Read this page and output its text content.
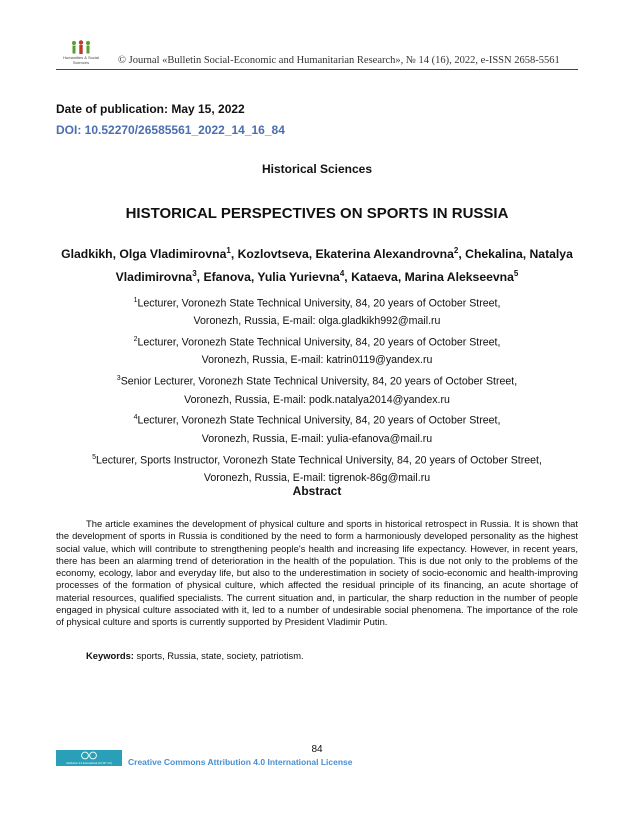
Humanities & Social
Sciences	© Journal «Bulletin Social-Economic and Humanitarian Research», № 14 (16), 2022, e-ISSN 2658-5561
Date of publication: May 15, 2022
DOI: 10.52270/26585561_2022_14_16_84
Historical Sciences
HISTORICAL PERSPECTIVES ON SPORTS IN RUSSIA
Gladkikh, Olga Vladimirovna$^1$, Kozlovtseva, Ekaterina Alexandrovna$^2$, Chekalina, Natalya Vladimirovna$^3$, Efanova, Yulia Yurievna$^4$, Kataeva, Marina Alekseevna$^5$
$^1$Lecturer, Voronezh State Technical University, 84, 20 years of October Street,
Voronezh, Russia, E-mail: olga.gladkikh992@mail.ru
$^2$Lecturer, Voronezh State Technical University, 84, 20 years of October Street,
Voronezh, Russia, E-mail: katrin0119@yandex.ru
$^3$Senior Lecturer, Voronezh State Technical University, 84, 20 years of October Street,
Voronezh, Russia, E-mail: podk.natalya2014@yandex.ru
$^4$Lecturer, Voronezh State Technical University, 84, 20 years of October Street,
Voronezh, Russia, E-mail: yulia-efanova@mail.ru
$^5$Lecturer, Sports Instructor, Voronezh State Technical University, 84, 20 years of October Street,
Voronezh, Russia, E-mail: tigrenok-86g@mail.ru
Abstract
The article examines the development of physical culture and sports in historical retrospect in Russia. It is shown that the development of sports in Russia is conditioned by the need to form a harmoniously developed personality as the highest social value, which will contribute to strengthening people's health and increasing life expectancy. However, in recent years, there has been an alarming trend of deterioration in the health of the population. This is due not only to the problems of the economy, ecology, labor and everyday life, but also to the underestimation in society of socio-economic and health-improving processes of the formation of physical culture, which affected the residual principle of its financing, an acute shortage of material resources, qualified specialists. The current situation and, in particular, the sharp reduction in the number of people engaged in physical culture associated with it, led to a number of undesirable social phenomena. The importance of the role of physical culture and sports is currently supported by President Vladimir Putin.
Keywords: sports, Russia, state, society, patriotism.
84
Attribution 4.0 International (CC BY 4.0) Creative Commons Attribution 4.0 International License
